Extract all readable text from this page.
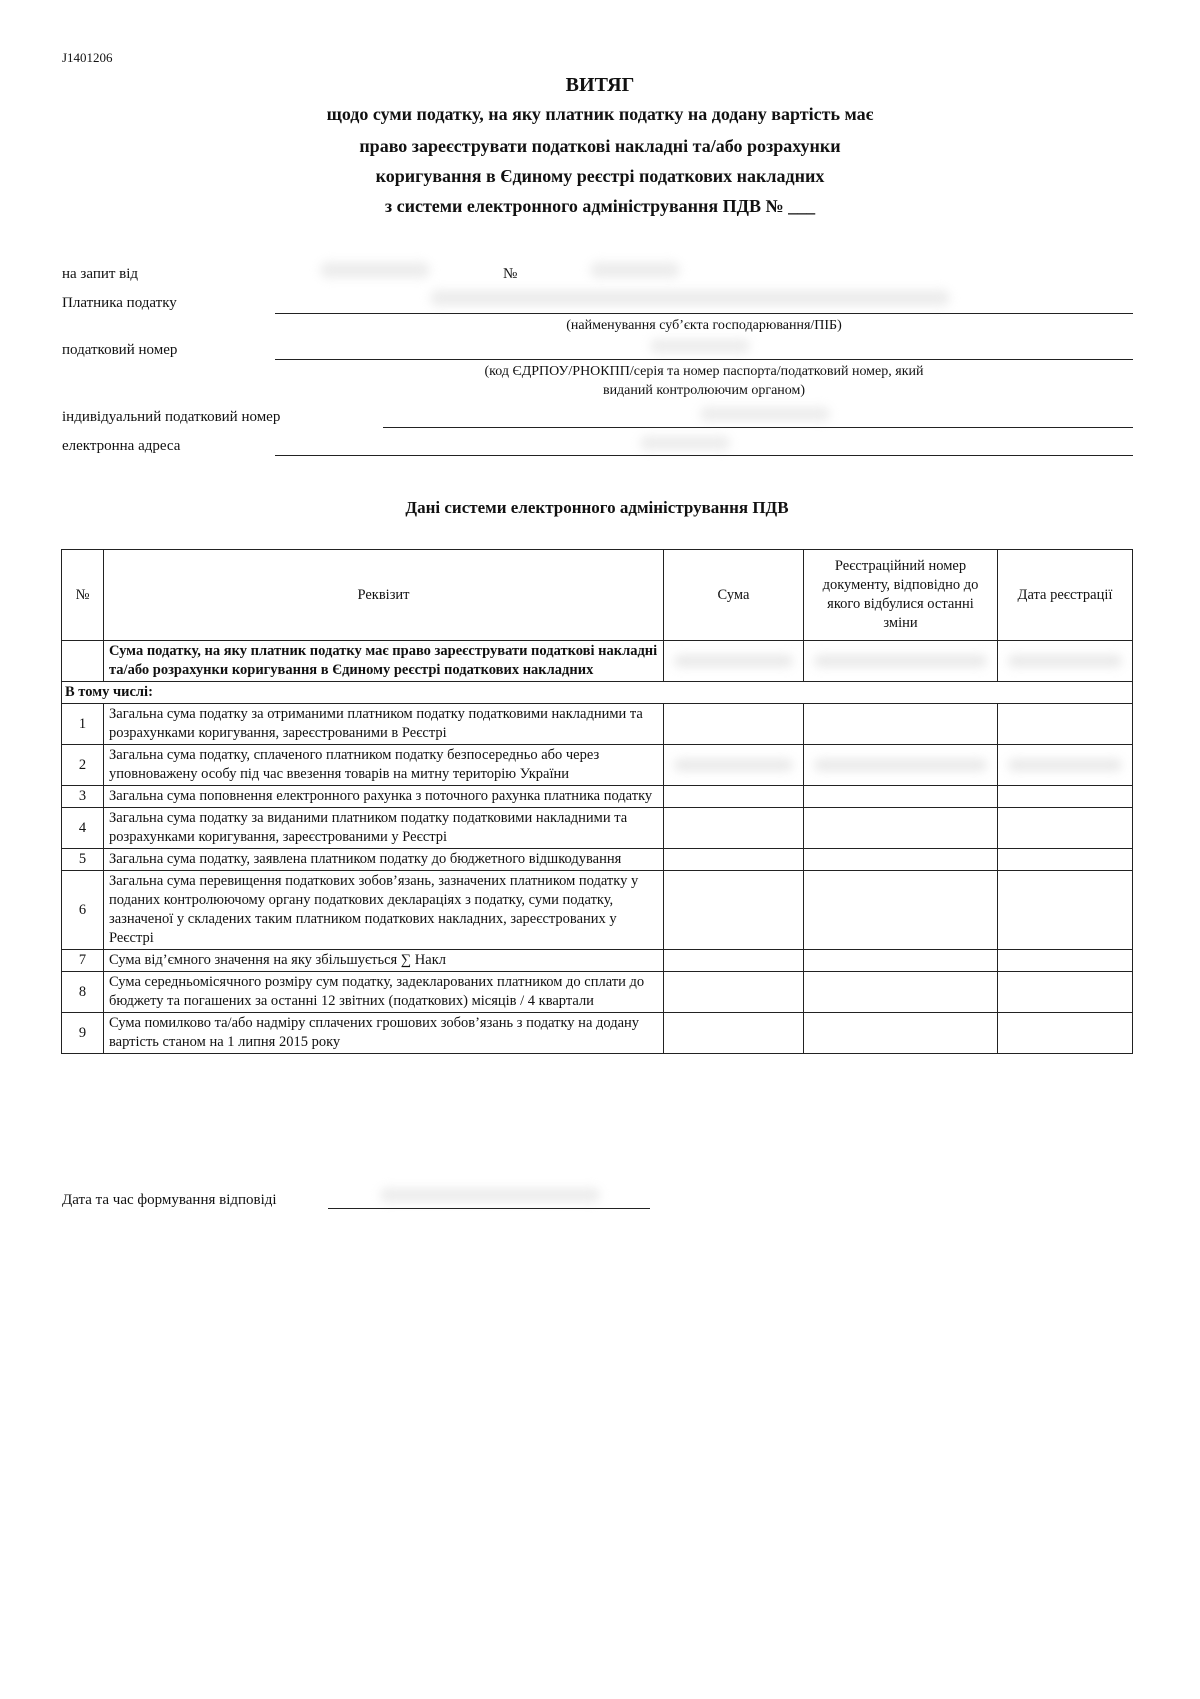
J1401206
ВИТЯГ
щодо суми податку, на яку платник податку на додану вартість має
право зареєструвати податкові накладні та/або розрахунки
коригування в Єдиному реєстрі податкових накладних
з системи електронного адміністрування ПДВ № ___
на запит від	№
Платника податку
(найменування суб’єкта господарювання/ПІБ)
податковий номер
(код ЄДРПОУ/РНОКПП/серія та номер паспорта/податковий номер, який
виданий контролюючим органом)
індивідуальний податковий номер
електронна адреса
Дані системи електронного адміністрування ПДВ
№	Реквізит	Сума	Реєстраційний номер документу, відповідно до якого відбулися останні зміни	Дата реєстрації
	Сума податку, на яку платник податку має право зареєструвати податкові накладні та/або розрахунки коригування в Єдиному реєстрі податкових накладних	

В тому числі:				
1	Загальна сума податку за отриманими платником податку податковими накладними та розрахунками коригування, зареєстрованими в Реєстрі			
2	Загальна сума податку, сплаченого платником податку безпосередньо або через уповноважену особу під час ввезення товарів на митну територію України	

3	Загальна сума поповнення електронного рахунка з поточного рахунка платника податку			
4	Загальна сума податку за виданими платником податку податковими накладними та розрахунками коригування, зареєстрованими у Реєстрі			
5	Загальна сума податку, заявлена платником податку до бюджетного відшкодування			
6	Загальна сума перевищення податкових зобов’язань, зазначених платником податку у поданих контролюючому органу податкових деклараціях з податку, суми податку, зазначеної у складених таким платником податкових накладних, зареєстрованих у Реєстрі			
7	Сума від’ємного значення на яку збільшується ∑ Накл			
8	Сума середньомісячного розміру сум податку, задекларованих платником до сплати до бюджету та погашених за останні 12 звітних (податкових) місяців / 4 квартали			
9	Сума помилково та/або надміру сплачених грошових зобов’язань з податку на додану вартість станом на 1 липня 2015 року			
Дата та час формування відповіді
